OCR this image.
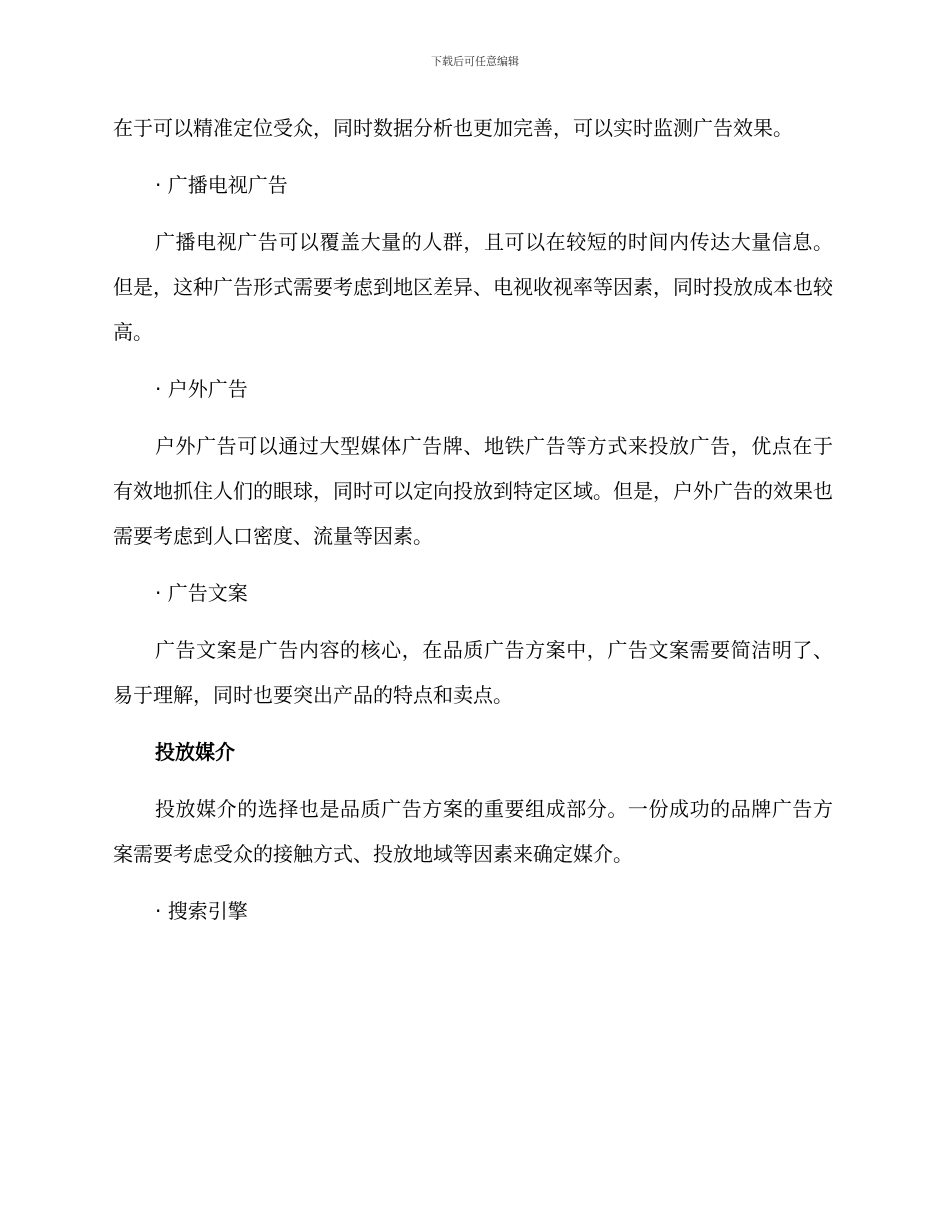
下载后可任意编辑

在于可以精准定位受众，同时数据分析也更加完善，可以实时监测广告效果。

· 广播电视广告

广播电视广告可以覆盖大量的人群，且可以在较短的时间内传达大量信息。但是，这种广告形式需要考虑到地区差异、电视收视率等因素，同时投放成本也较高。

· 户外广告

户外广告可以通过大型媒体广告牌、地铁广告等方式来投放广告，优点在于有效地抓住人们的眼球，同时可以定向投放到特定区域。但是，户外广告的效果也需要考虑到人口密度、流量等因素。

· 广告文案

广告文案是广告内容的核心，在品质广告方案中，广告文案需要简洁明了、易于理解，同时也要突出产品的特点和卖点。

投放媒介

投放媒介的选择也是品质广告方案的重要组成部分。一份成功的品牌广告方案需要考虑受众的接触方式、投放地域等因素来确定媒介。

· 搜索引擎
